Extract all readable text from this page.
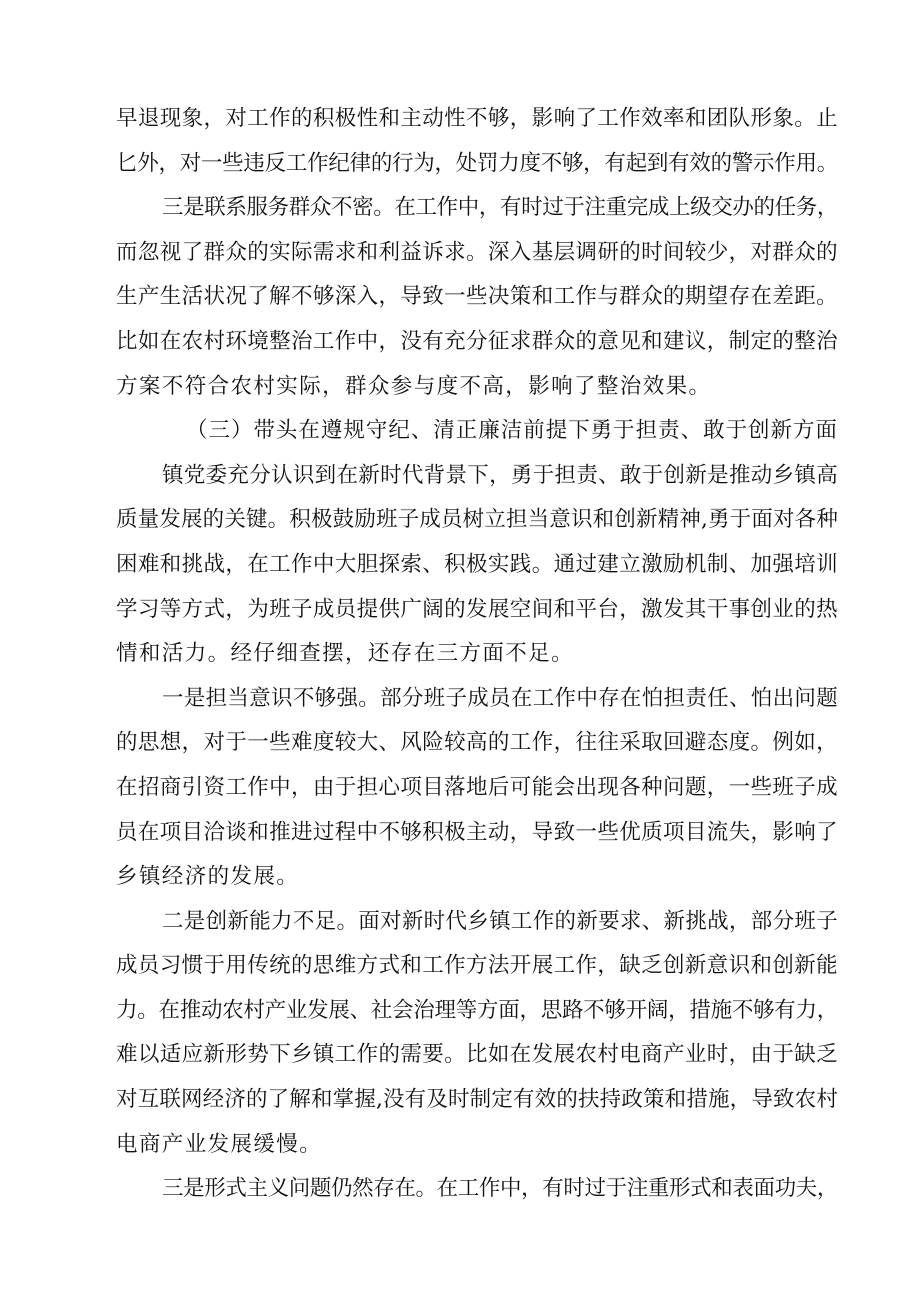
早退现象，对工作的积极性和主动性不够，影响了工作效率和团队形象。止
匕外，对一些违反工作纪律的行为，处罚力度不够，有起到有效的警示作用。
三是联系服务群众不密。在工作中，有时过于注重完成上级交办的任务，
而忽视了群众的实际需求和利益诉求。深入基层调研的时间较少，对群众的
生产生活状况了解不够深入，导致一些决策和工作与群众的期望存在差距。
比如在农村环境整治工作中，没有充分征求群众的意见和建议，制定的整治
方案不符合农村实际，群众参与度不高，影响了整治效果。
（三）带头在遵规守纪、清正廉洁前提下勇于担责、敢于创新方面
镇党委充分认识到在新时代背景下，勇于担责、敢于创新是推动乡镇高
质量发展的关键。积极鼓励班子成员树立担当意识和创新精神,勇于面对各种
困难和挑战，在工作中大胆探索、积极实践。通过建立激励机制、加强培训
学习等方式，为班子成员提供广阔的发展空间和平台，激发其干事创业的热
情和活力。经仔细查摆，还存在三方面不足。
一是担当意识不够强。部分班子成员在工作中存在怕担责任、怕出问题
的思想，对于一些难度较大、风险较高的工作，往往采取回避态度。例如，
在招商引资工作中，由于担心项目落地后可能会出现各种问题，一些班子成
员在项目洽谈和推进过程中不够积极主动，导致一些优质项目流失，影响了
乡镇经济的发展。
二是创新能力不足。面对新时代乡镇工作的新要求、新挑战，部分班子
成员习惯于用传统的思维方式和工作方法开展工作，缺乏创新意识和创新能
力。在推动农村产业发展、社会治理等方面，思路不够开阔，措施不够有力，
难以适应新形势下乡镇工作的需要。比如在发展农村电商产业时，由于缺乏
对互联网经济的了解和掌握,没有及时制定有效的扶持政策和措施，导致农村
电商产业发展缓慢。
三是形式主义问题仍然存在。在工作中，有时过于注重形式和表面功夫，
